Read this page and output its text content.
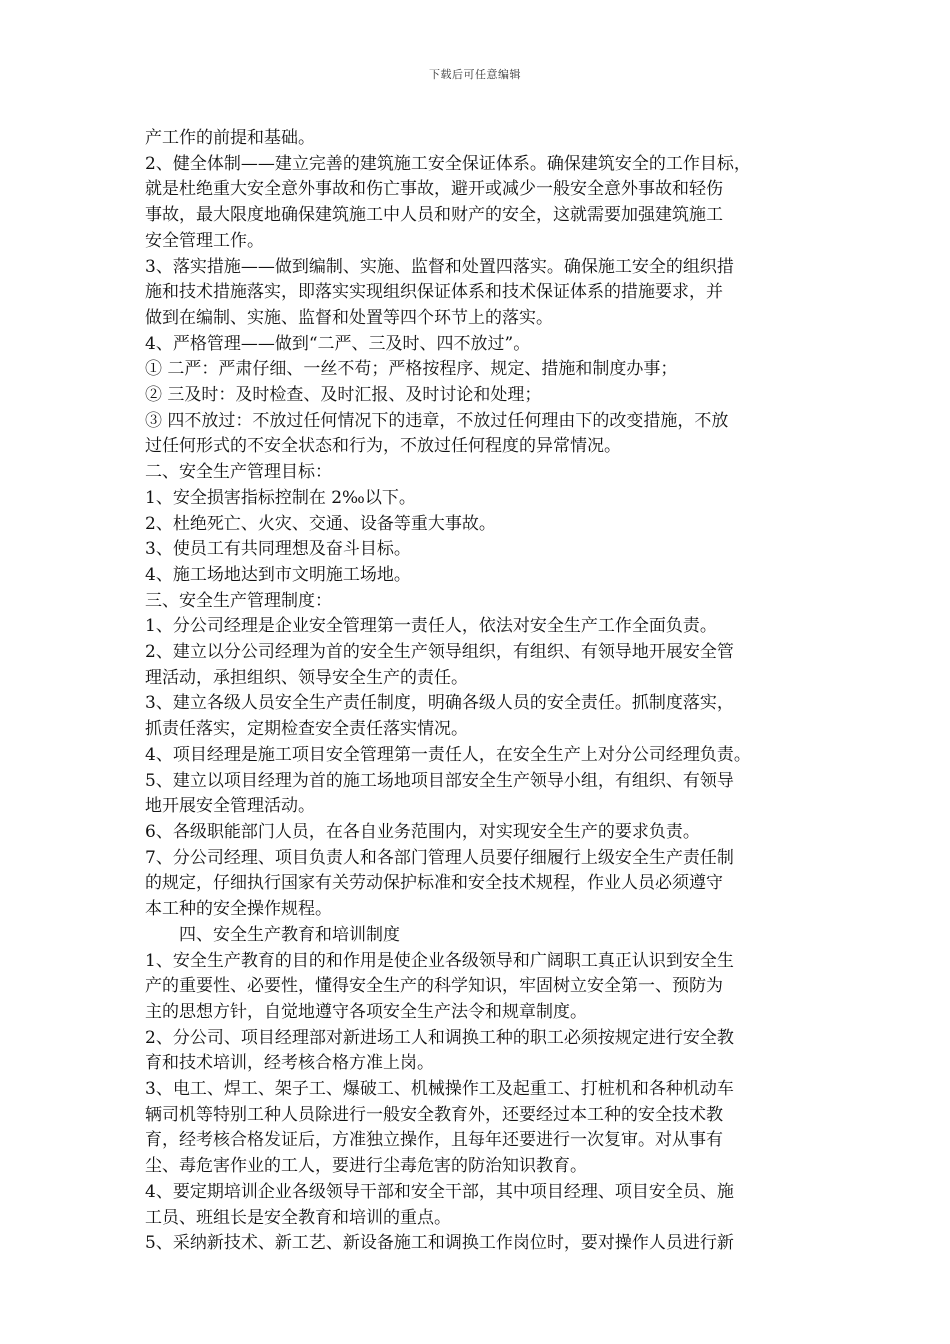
下载后可任意编辑

产工作的前提和基础。

2、健全体制——建立完善的建筑施工安全保证体系。确保建筑安全的工作目标，

就是杜绝重大安全意外事故和伤亡事故，避开或减少一般安全意外事故和轻伤

事故，最大限度地确保建筑施工中人员和财产的安全，这就需要加强建筑施工

安全管理工作。

3、落实措施——做到编制、实施、监督和处置四落实。确保施工安全的组织措

施和技术措施落实，即落实实现组织保证体系和技术保证体系的措施要求，并

做到在编制、实施、监督和处置等四个环节上的落实。

4、严格管理——做到“二严、三及时、四不放过”。

① 二严：严肃仔细、一丝不苟；严格按程序、规定、措施和制度办事；

② 三及时：及时检查、及时汇报、及时讨论和处理；

③ 四不放过：不放过任何情况下的违章，不放过任何理由下的改变措施，不放

过任何形式的不安全状态和行为，不放过任何程度的异常情况。

二、安全生产管理目标：

1、安全损害指标控制在 2‰以下。

2、杜绝死亡、火灾、交通、设备等重大事故。

3、使员工有共同理想及奋斗目标。

4、施工场地达到市文明施工场地。

三、安全生产管理制度：

1、分公司经理是企业安全管理第一责任人，依法对安全生产工作全面负责。

2、建立以分公司经理为首的安全生产领导组织，有组织、有领导地开展安全管

理活动，承担组织、领导安全生产的责任。

3、建立各级人员安全生产责任制度，明确各级人员的安全责任。抓制度落实，

抓责任落实，定期检查安全责任落实情况。

4、项目经理是施工项目安全管理第一责任人，在安全生产上对分公司经理负责。

5、建立以项目经理为首的施工场地项目部安全生产领导小组，有组织、有领导

地开展安全管理活动。

6、各级职能部门人员，在各自业务范围内，对实现安全生产的要求负责。

7、分公司经理、项目负责人和各部门管理人员要仔细履行上级安全生产责任制

的规定，仔细执行国家有关劳动保护标准和安全技术规程，作业人员必须遵守

本工种的安全操作规程。

四、安全生产教育和培训制度

1、安全生产教育的目的和作用是使企业各级领导和广阔职工真正认识到安全生

产的重要性、必要性，懂得安全生产的科学知识，牢固树立安全第一、预防为

主的思想方针，自觉地遵守各项安全生产法令和规章制度。

2、分公司、项目经理部对新进场工人和调换工种的职工必须按规定进行安全教

育和技术培训，经考核合格方准上岗。

3、电工、焊工、架子工、爆破工、机械操作工及起重工、打桩机和各种机动车

辆司机等特别工种人员除进行一般安全教育外，还要经过本工种的安全技术教

育，经考核合格发证后，方准独立操作，且每年还要进行一次复审。对从事有

尘、毒危害作业的工人，要进行尘毒危害的防治知识教育。

4、要定期培训企业各级领导干部和安全干部，其中项目经理、项目安全员、施

工员、班组长是安全教育和培训的重点。

5、采纳新技术、新工艺、新设备施工和调换工作岗位时，要对操作人员进行新
